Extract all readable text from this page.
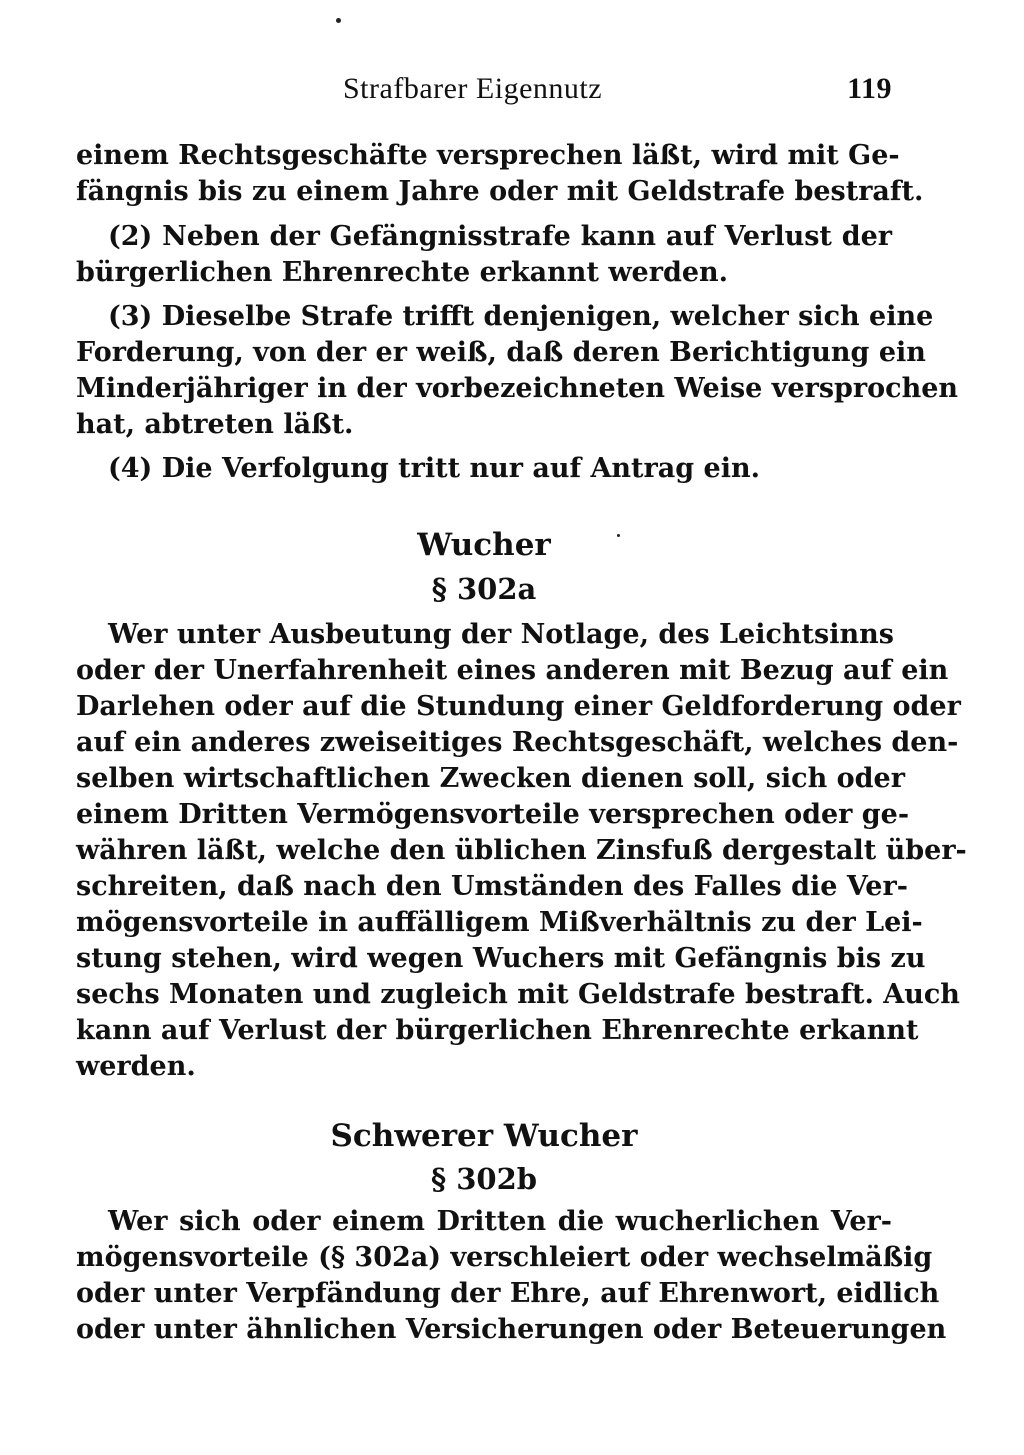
Strafbarer Eigennutz	119
einem Rechtsgeschäfte versprechen läßt, wird mit Ge-
fängnis bis zu einem Jahre oder mit Geldstrafe bestraft.
(2) Neben der Gefängnisstrafe kann auf Verlust der
bürgerlichen Ehrenrechte erkannt werden.
(3) Dieselbe Strafe trifft denjenigen, welcher sich eine
Forderung, von der er weiß, daß deren Berichtigung ein
Minderjähriger in der vorbezeichneten Weise versprochen
hat, abtreten läßt.
(4) Die Verfolgung tritt nur auf Antrag ein.
Wucher
§ 302a
Wer unter Ausbeutung der Notlage, des Leichtsinns
oder der Unerfahrenheit eines anderen mit Bezug auf ein
Darlehen oder auf die Stundung einer Geldforderung oder
auf ein anderes zweiseitiges Rechtsgeschäft, welches den-
selben wirtschaftlichen Zwecken dienen soll, sich oder
einem Dritten Vermögensvorteile versprechen oder ge-
währen läßt, welche den üblichen Zinsfuß dergestalt über-
schreiten, daß nach den Umständen des Falles die Ver-
mögensvorteile in auffälligem Mißverhältnis zu der Lei-
stung stehen, wird wegen Wuchers mit Gefängnis bis zu
sechs Monaten und zugleich mit Geldstrafe bestraft. Auch
kann auf Verlust der bürgerlichen Ehrenrechte erkannt
werden.
Schwerer Wucher
§ 302b
Wer sich oder einem Dritten die wucherlichen Ver-
mögensvorteile (§ 302a) verschleiert oder wechselmäßig
oder unter Verpfändung der Ehre, auf Ehrenwort, eidlich
oder unter ähnlichen Versicherungen oder Beteuerungen
